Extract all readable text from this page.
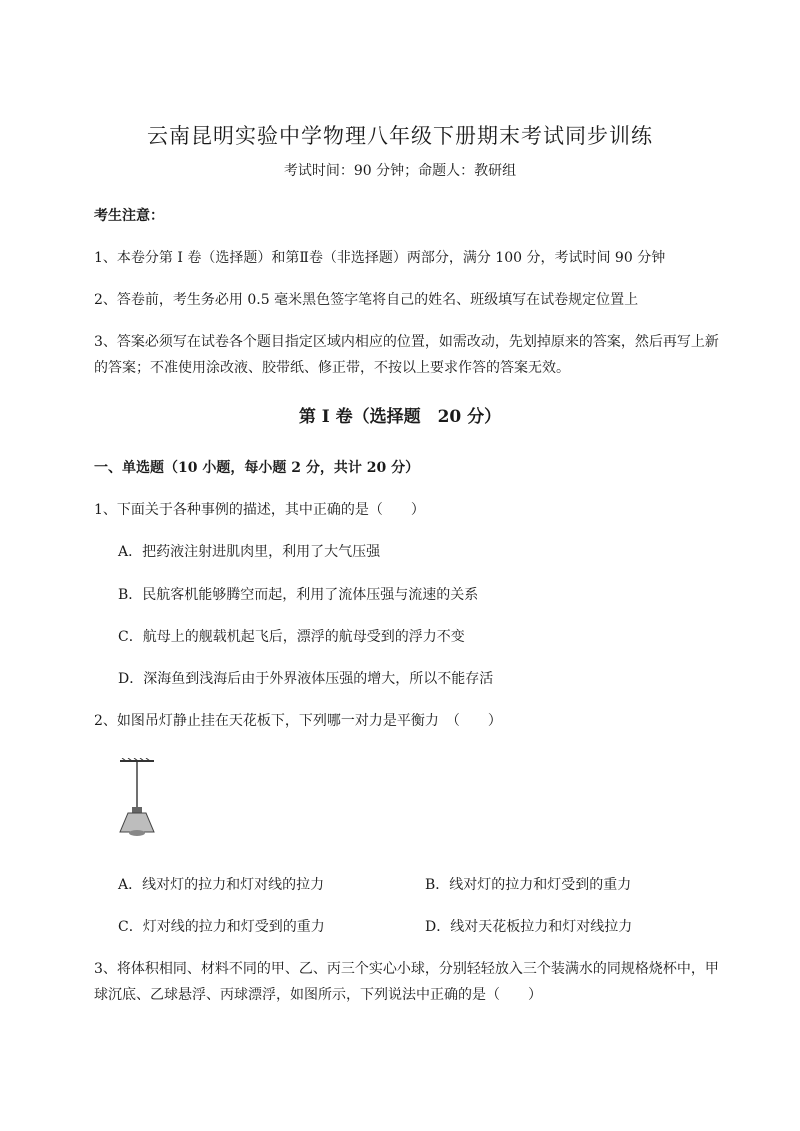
云南昆明实验中学物理八年级下册期末考试同步训练
考试时间：90 分钟；命题人：教研组
考生注意：
1、本卷分第 I 卷（选择题）和第Ⅱ卷（非选择题）两部分，满分 100 分，考试时间 90 分钟
2、答卷前，考生务必用 0.5 毫米黑色签字笔将自己的姓名、班级填写在试卷规定位置上
3、答案必须写在试卷各个题目指定区域内相应的位置，如需改动，先划掉原来的答案，然后再写上新
的答案；不准使用涂改液、胶带纸、修正带，不按以上要求作答的答案无效。
第 I 卷（选择题　20 分）
一、单选题（10 小题，每小题 2 分，共计 20 分）
1、下面关于各种事例的描述，其中正确的是（　　）
A．把药液注射进肌肉里，利用了大气压强
B．民航客机能够腾空而起，利用了流体压强与流速的关系
C．航母上的舰载机起飞后，漂浮的航母受到的浮力不变
D．深海鱼到浅海后由于外界液体压强的增大，所以不能存活
2、如图吊灯静止挂在天花板下，下列哪一对力是平衡力　（　　）
A．线对灯的拉力和灯对线的拉力	B．线对灯的拉力和灯受到的重力
C．灯对线的拉力和灯受到的重力	D．线对天花板拉力和灯对线拉力
3、将体积相同、材料不同的甲、乙、丙三个实心小球，分别轻轻放入三个装满水的同规格烧杯中，甲
球沉底、乙球悬浮、丙球漂浮，如图所示，下列说法中正确的是（　　）
